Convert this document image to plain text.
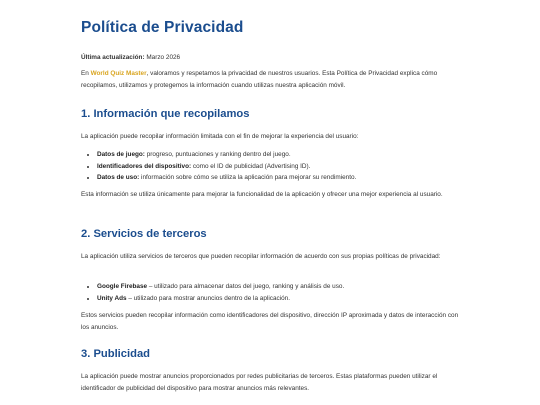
Política de Privacidad
Última actualización: Marzo 2026

En World Quiz Master, valoramos y respetamos la privacidad de nuestros usuarios. Esta Política de Privacidad explica cómo recopilamos, utilizamos y protegemos la información cuando utilizas nuestra aplicación móvil.

1. Información que recopilamos

La aplicación puede recopilar información limitada con el fin de mejorar la experiencia del usuario:

• Datos de juego: progreso, puntuaciones y ranking dentro del juego.
• Identificadores del dispositivo: como el ID de publicidad (Advertising ID).
• Datos de uso: información sobre cómo se utiliza la aplicación para mejorar su rendimiento.

Esta información se utiliza únicamente para mejorar la funcionalidad de la aplicación y ofrecer una mejor experiencia al usuario.

2. Servicios de terceros

La aplicación utiliza servicios de terceros que pueden recopilar información de acuerdo con sus propias políticas de privacidad:

• Google Firebase – utilizado para almacenar datos del juego, ranking y análisis de uso.
• Unity Ads – utilizado para mostrar anuncios dentro de la aplicación.

Estos servicios pueden recopilar información como identificadores del dispositivo, dirección IP aproximada y datos de interacción con los anuncios.

3. Publicidad

La aplicación puede mostrar anuncios proporcionados por redes publicitarias de terceros. Estas plataformas pueden utilizar el identificador de publicidad del dispositivo para mostrar anuncios más relevantes.
